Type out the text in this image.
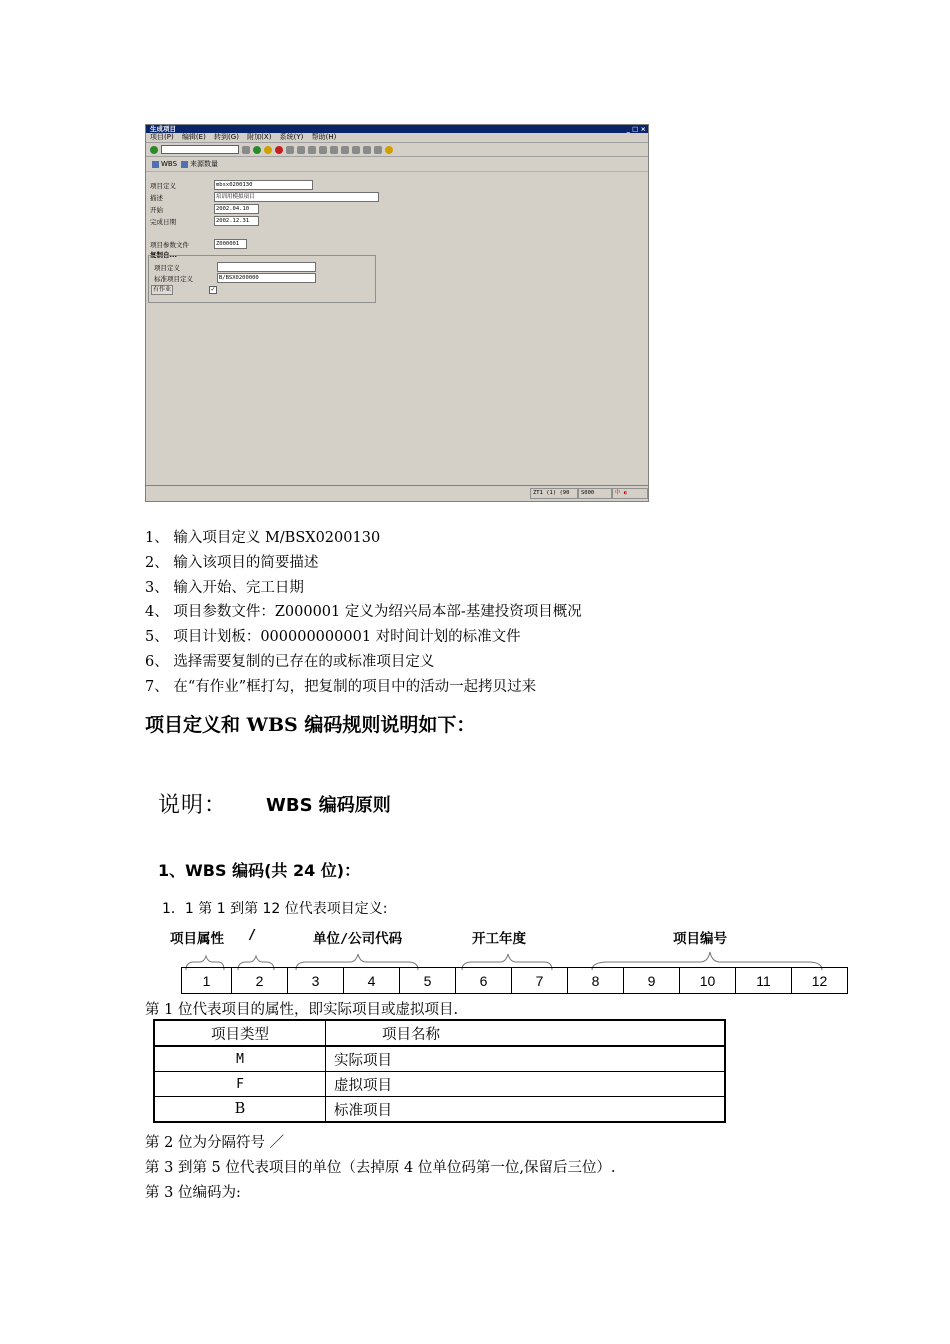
生成项目	_ □ ×
项目(P) 编辑(E) 转到(G) 附加(X) 系统(Y) 帮助(H)
WBS 来源数量
项目定义	mbsx0200130
描述	培训用模拟项目
开始	2002.04.10
完成日期	2002.12.31
项目参数文件	Z000001
复制自...
项目定义
标准项目定义	B/BSX0200000
有作业	✓
ZT1 (1) (90	S000	中 ◐
1、 输入项目定义 M/BSX0200130
2、 输入该项目的简要描述
3、 输入开始、完工日期
4、 项目参数文件：Z000001 定义为绍兴局本部-基建投资项目概况
5、 项目计划板：000000000001 对时间计划的标准文件
6、 选择需要复制的已存在的或标准项目定义
7、 在“有作业”框打勾，把复制的项目中的活动一起拷贝过来
项目定义和 WBS 编码规则说明如下：
说明： WBS 编码原则
1、WBS 编码(共 24 位)：
1．1 第 1 到第 12 位代表项目定义:
项目属性 /	单位/公司代码	开工年度	项目编号
1	2	3	4	5	6	7	8	9	10	11	12
第 1 位代表项目的属性，即实际项目或虚拟项目.
项目类型	项目名称
M	实际项目
F	虚拟项目
B	标准项目
第 2 位为分隔符号 ／
第 3 到第 5 位代表项目的单位（去掉原 4 位单位码第一位,保留后三位）.
第 3 位编码为:
